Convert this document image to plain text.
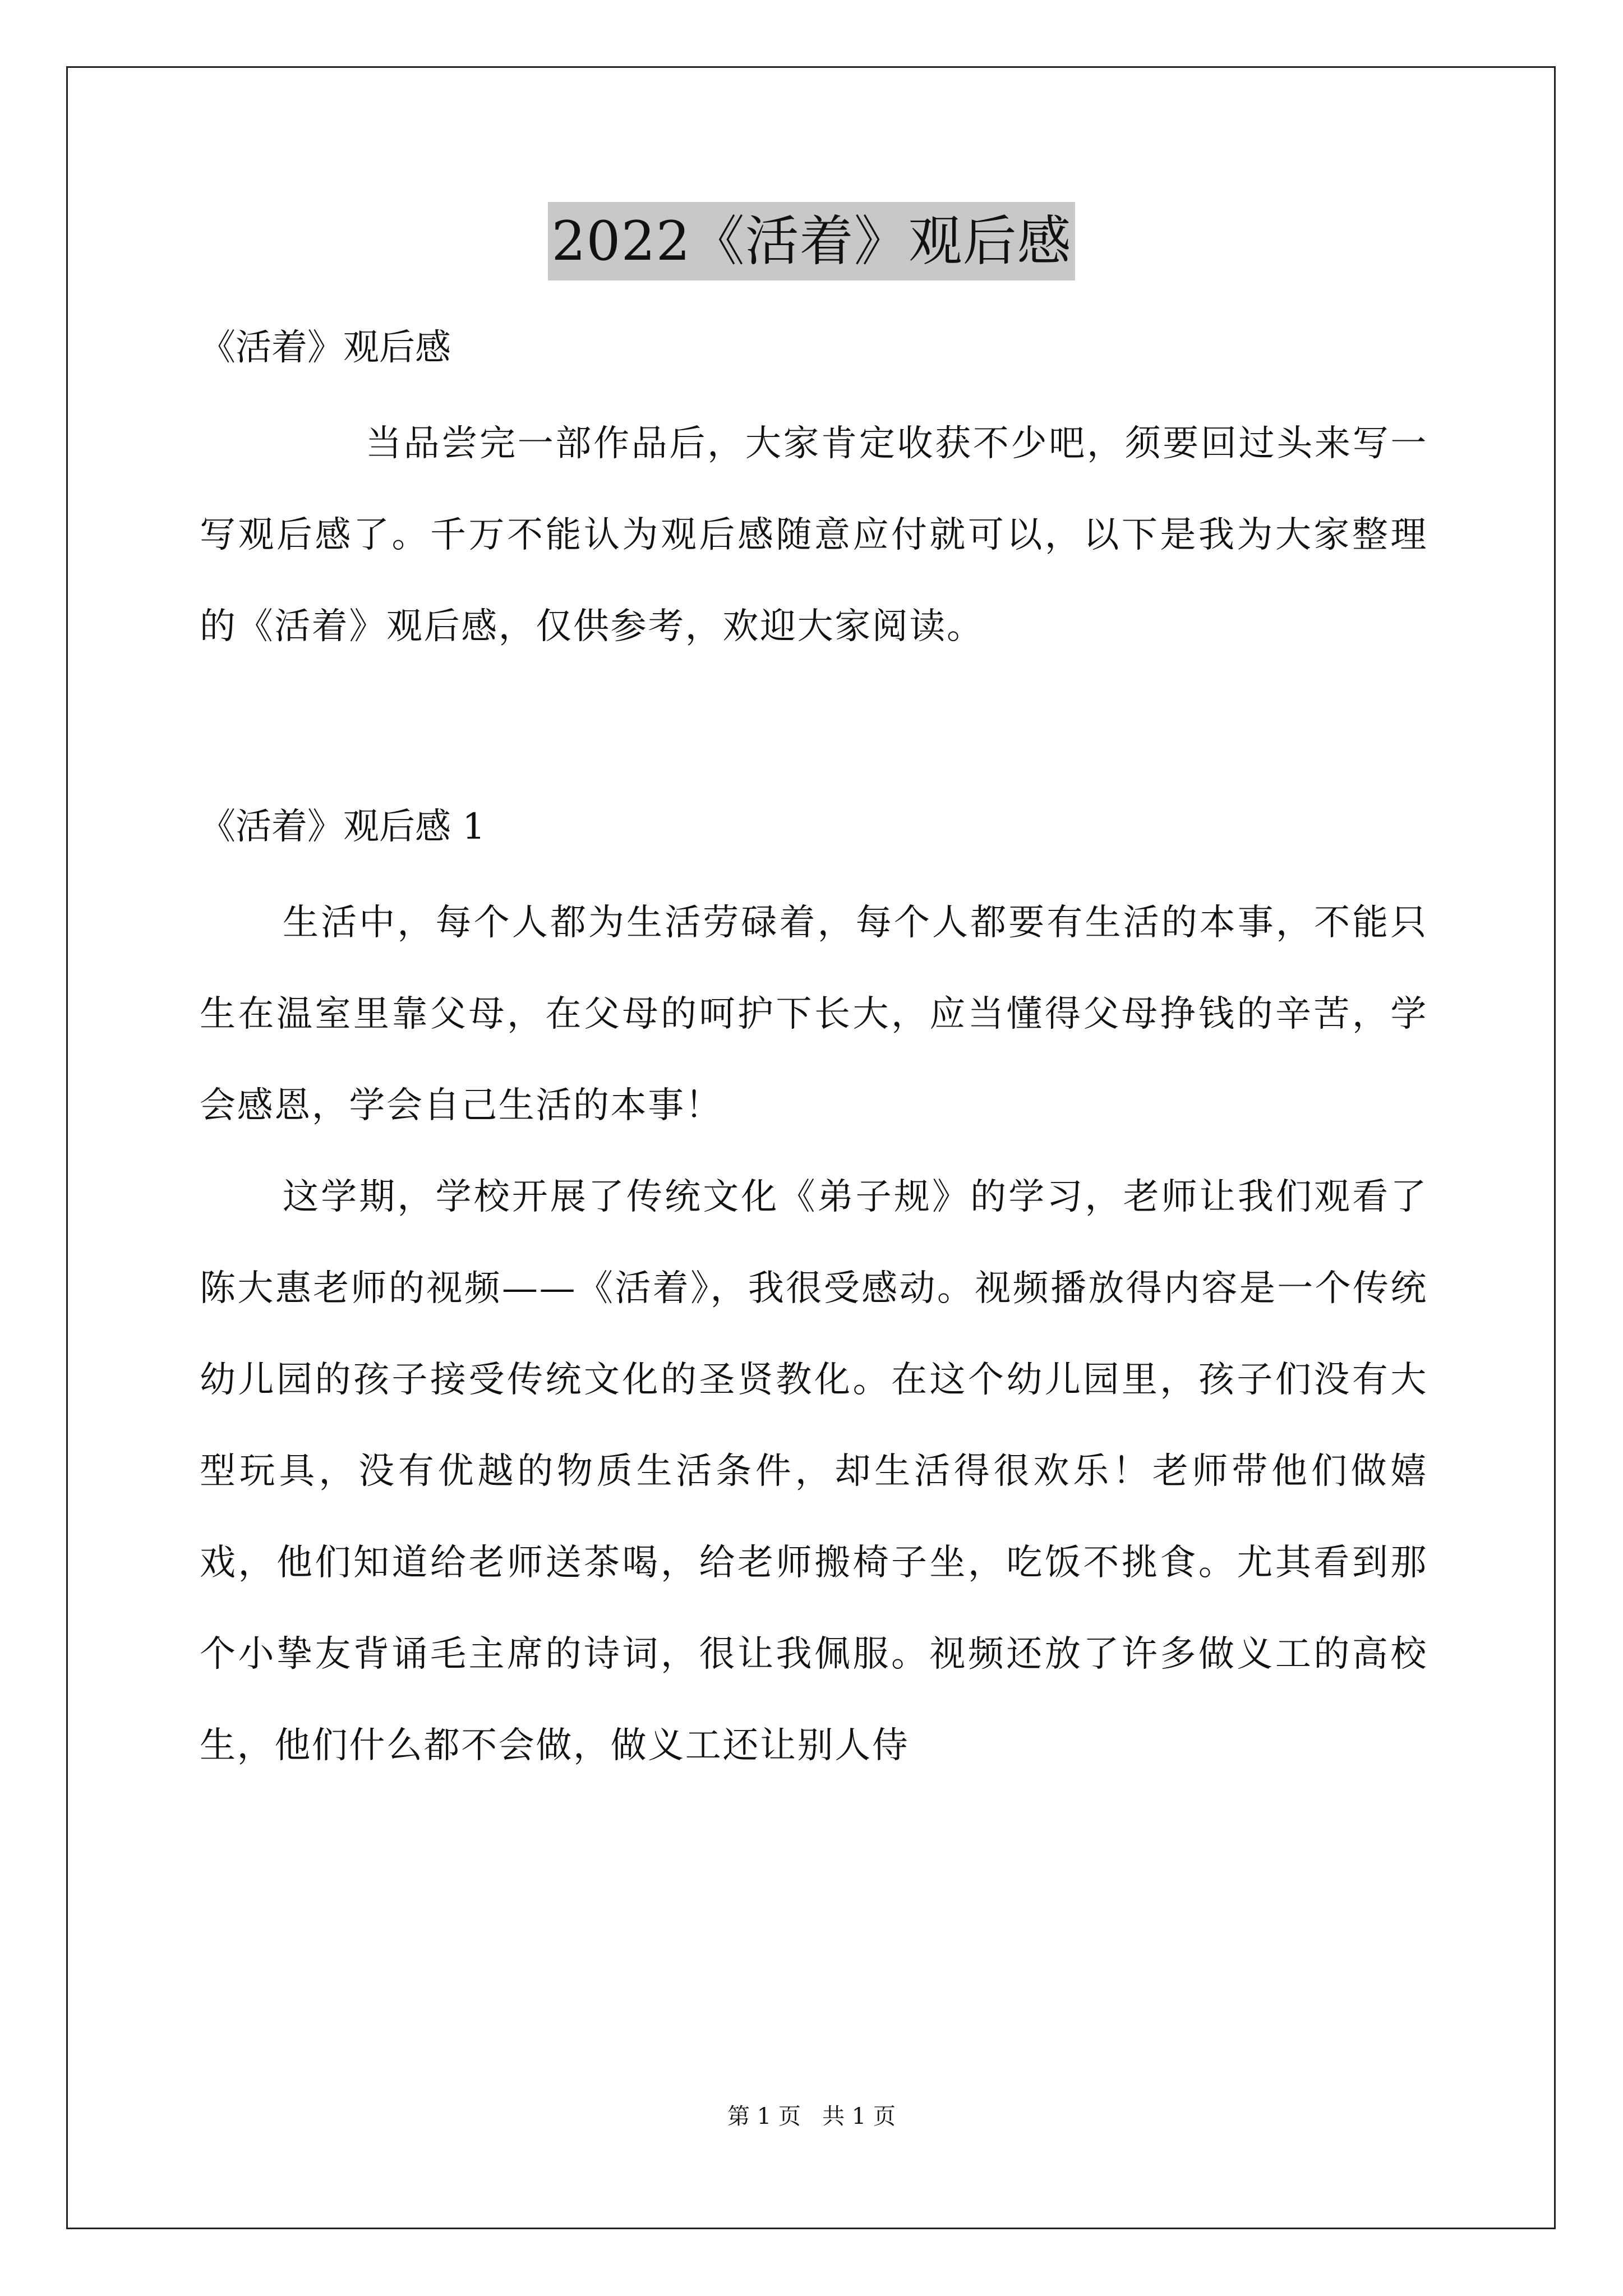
2022《活着》观后感

《活着》观后感

当品尝完一部作品后，大家肯定收获不少吧，须要回过头来写一写观后感了。千万不能认为观后感随意应付就可以，以下是我为大家整理的《活着》观后感，仅供参考，欢迎大家阅读。

《活着》观后感 1

生活中，每个人都为生活劳碌着，每个人都要有生活的本事，不能只生在温室里靠父母，在父母的呵护下长大，应当懂得父母挣钱的辛苦，学会感恩，学会自己生活的本事！

这学期，学校开展了传统文化《弟子规》的学习，老师让我们观看了陈大惠老师的视频——《活着》，我很受感动。视频播放得内容是一个传统幼儿园的孩子接受传统文化的圣贤教化。在这个幼儿园里，孩子们没有大型玩具，没有优越的物质生活条件，却生活得很欢乐！老师带他们做嬉戏，他们知道给老师送茶喝，给老师搬椅子坐，吃饭不挑食。尤其看到那个小挚友背诵毛主席的诗词，很让我佩服。视频还放了许多做义工的高校生，他们什么都不会做，做义工还让别人侍

第 1 页   共 1 页
